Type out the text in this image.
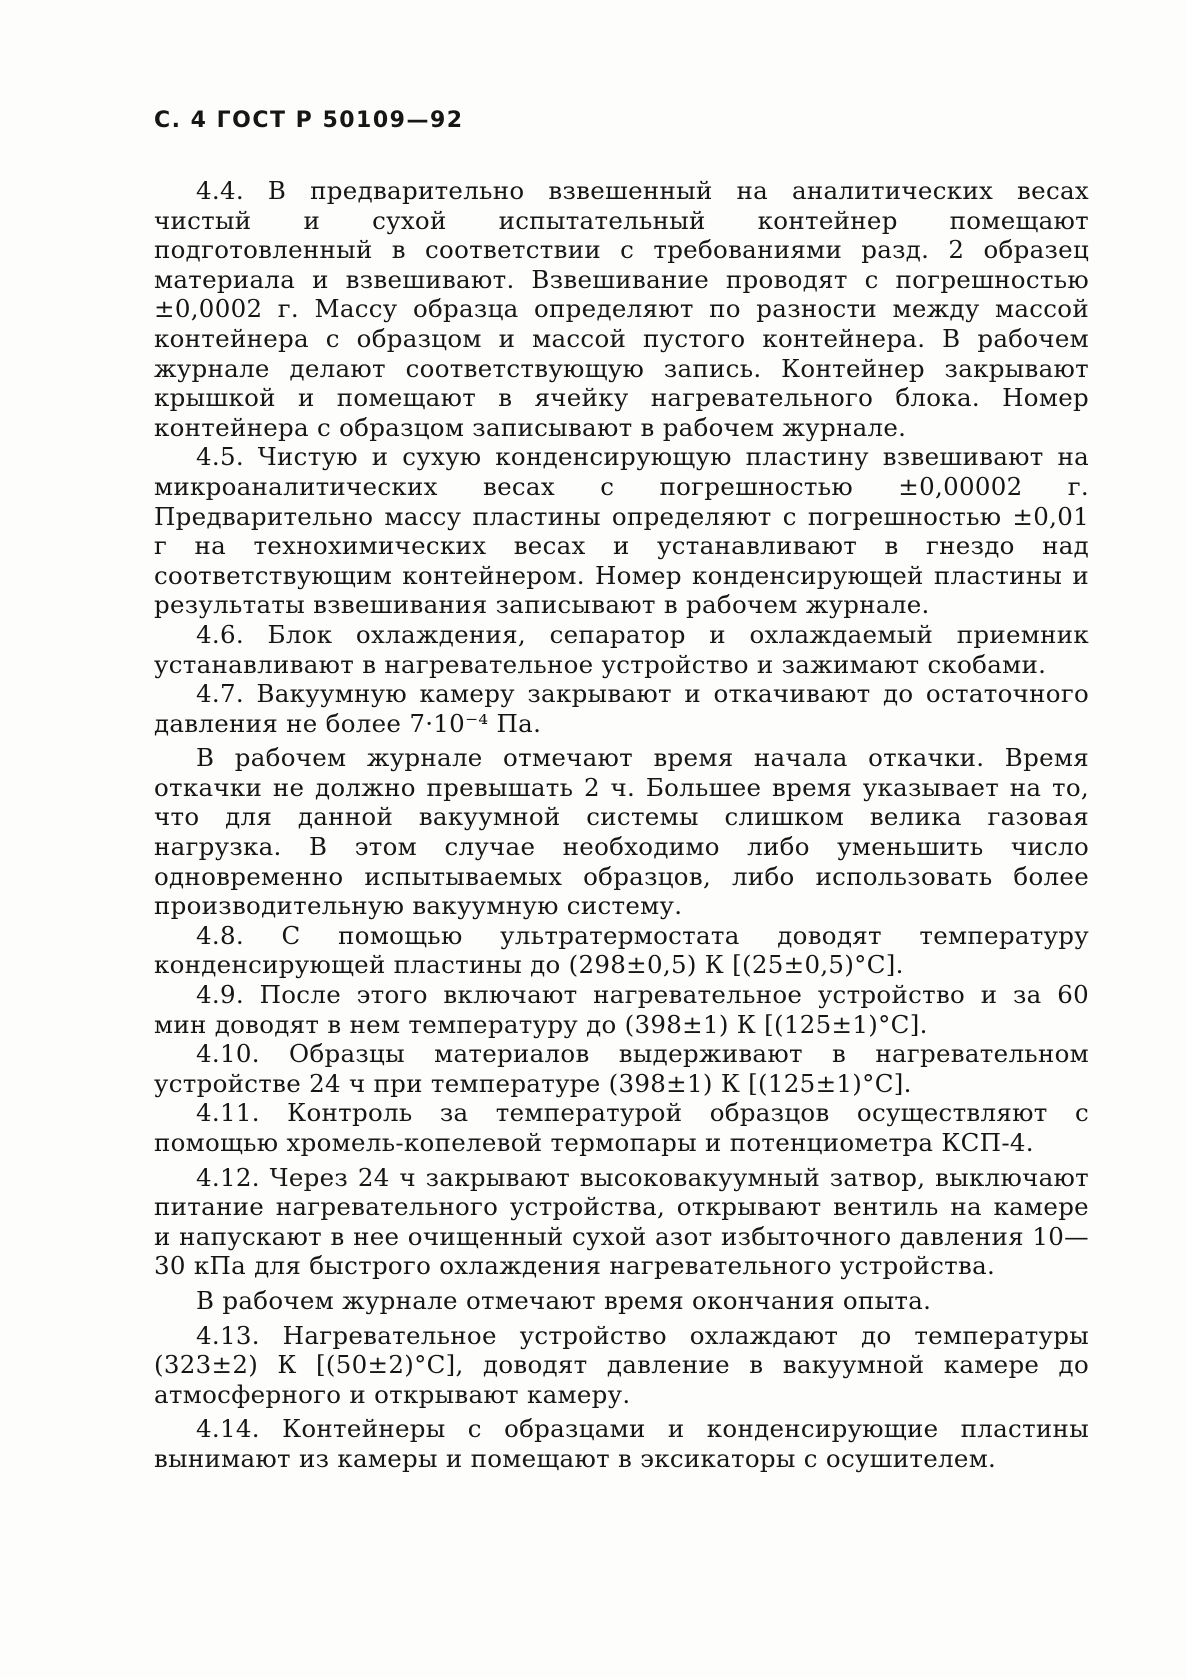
С. 4 ГОСТ Р 50109—92

4.4. В предварительно взвешенный на аналитических весах чистый и сухой испытательный контейнер помещают подготовленный в соответствии с требованиями разд. 2 образец материала и взвешивают. Взвешивание проводят с погрешностью ±0,0002 г. Массу образца определяют по разности между массой контейнера с образцом и массой пустого контейнера. В рабочем журнале делают соответствующую запись. Контейнер закрывают крышкой и помещают в ячейку нагревательного блока. Номер контейнера с образцом записывают в рабочем журнале.

4.5. Чистую и сухую конденсирующую пластину взвешивают на микроаналитических весах с погрешностью ±0,00002 г. Предварительно массу пластины определяют с погрешностью ±0,01 г на технохимических весах и устанавливают в гнездо над соответствующим контейнером. Номер конденсирующей пластины и результаты взвешивания записывают в рабочем журнале.

4.6. Блок охлаждения, сепаратор и охлаждаемый приемник устанавливают в нагревательное устройство и зажимают скобами.

4.7. Вакуумную камеру закрывают и откачивают до остаточного давления не более 7·10⁻⁴ Па.

В рабочем журнале отмечают время начала откачки. Время откачки не должно превышать 2 ч. Большее время указывает на то, что для данной вакуумной системы слишком велика газовая нагрузка. В этом случае необходимо либо уменьшить число одновременно испытываемых образцов, либо использовать более производительную вакуумную систему.

4.8. С помощью ультратермостата доводят температуру конденсирующей пластины до (298±0,5) К [(25±0,5)°С].

4.9. После этого включают нагревательное устройство и за 60 мин доводят в нем температуру до (398±1) К [(125±1)°С].

4.10. Образцы материалов выдерживают в нагревательном устройстве 24 ч при температуре (398±1) К [(125±1)°С].

4.11. Контроль за температурой образцов осуществляют с помощью хромель-копелевой термопары и потенциометра КСП-4.

4.12. Через 24 ч закрывают высоковакуумный затвор, выключают питание нагревательного устройства, открывают вентиль на камере и напускают в нее очищенный сухой азот избыточного давления 10—30 кПа для быстрого охлаждения нагревательного устройства.

В рабочем журнале отмечают время окончания опыта.

4.13. Нагревательное устройство охлаждают до температуры (323±2) К [(50±2)°С], доводят давление в вакуумной камере до атмосферного и открывают камеру.

4.14. Контейнеры с образцами и конденсирующие пластины вынимают из камеры и помещают в эксикаторы с осушителем.
